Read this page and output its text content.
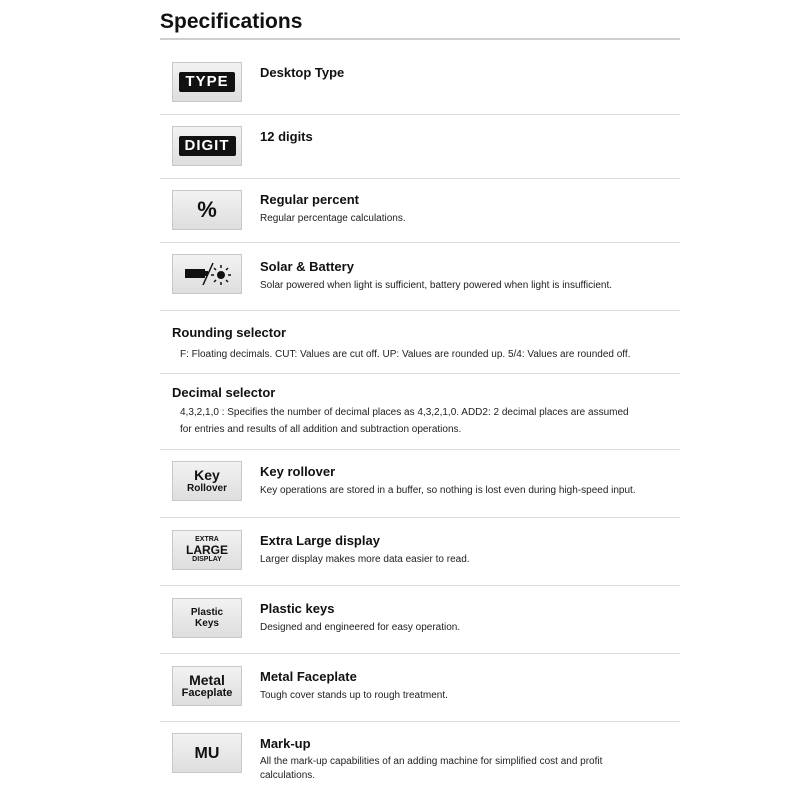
Specifications
TYPE
Desktop Type
DIGIT
12 digits
%	Regular percent
Regular percentage calculations.
Solar & Battery
Solar powered when light is sufficient, battery powered when light is insufficient.
Rounding selector
F: Floating decimals. CUT: Values are cut off. UP: Values are rounded up. 5/4: Values are rounded off.
Decimal selector
4,3,2,1,0 : Specifies the number of decimal places as 4,3,2,1,0. ADD2: 2 decimal places are assumed
for entries and results of all addition and subtraction operations.
Key
Rollover
Key rollover
Key operations are stored in a buffer, so nothing is lost even during high-speed input.
EXTRA
LARGE
DISPLAY
Extra Large display
Larger display makes more data easier to read.
Plastic
Keys
Plastic keys
Designed and engineered for easy operation.
Metal
Faceplate
Metal Faceplate
Tough cover stands up to rough treatment.
MU
Mark-up
All the mark-up capabilities of an adding machine for simplified cost and profit
calculations.
